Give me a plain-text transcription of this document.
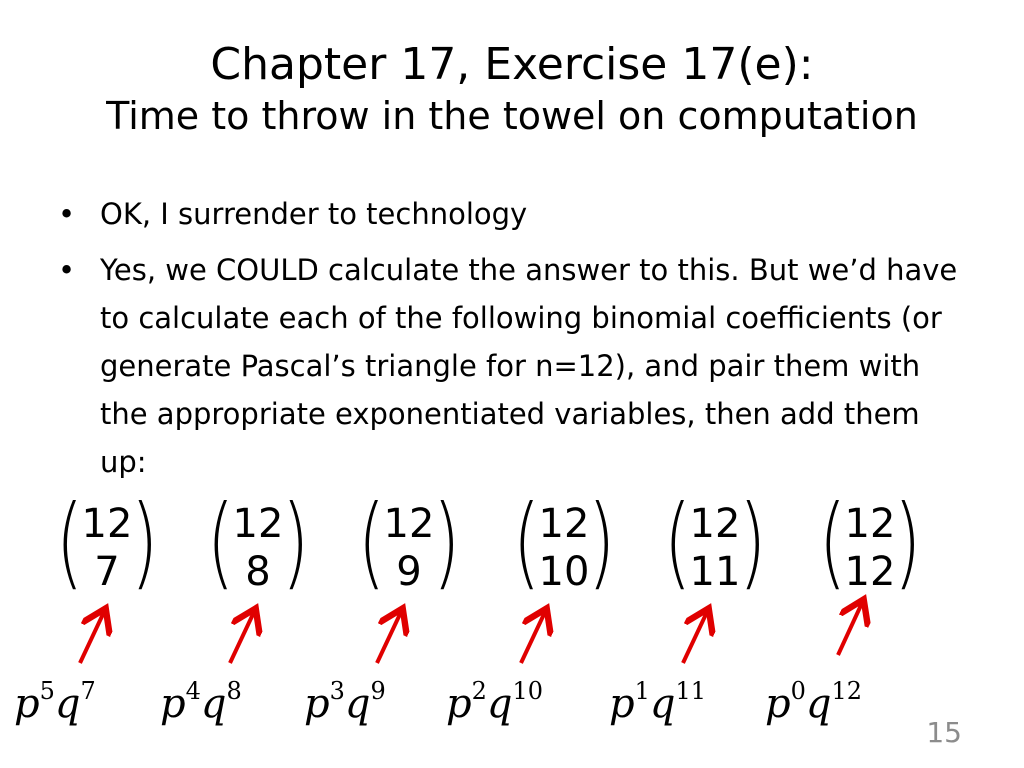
Chapter 17, Exercise 17(e):
Time to throw in the towel on computation
• OK, I surrender to technology
• Yes, we COULD calculate the answer to this. But we’d have to calculate each of the following binomial coefficients (or generate Pascal’s triangle for n=12), and pair them with the appropriate exponentiated variables, then add them up:
( )
12
7 ( )
12
8 ( )
12
9 ( )
12
10 ( )
12
11 ( )
12
12
$p^5q^7$ $p^4q^8$ $p^3q^9$ $p^2q^{10}$ $p^1q^{11}$ $p^0q^{12}$
15
